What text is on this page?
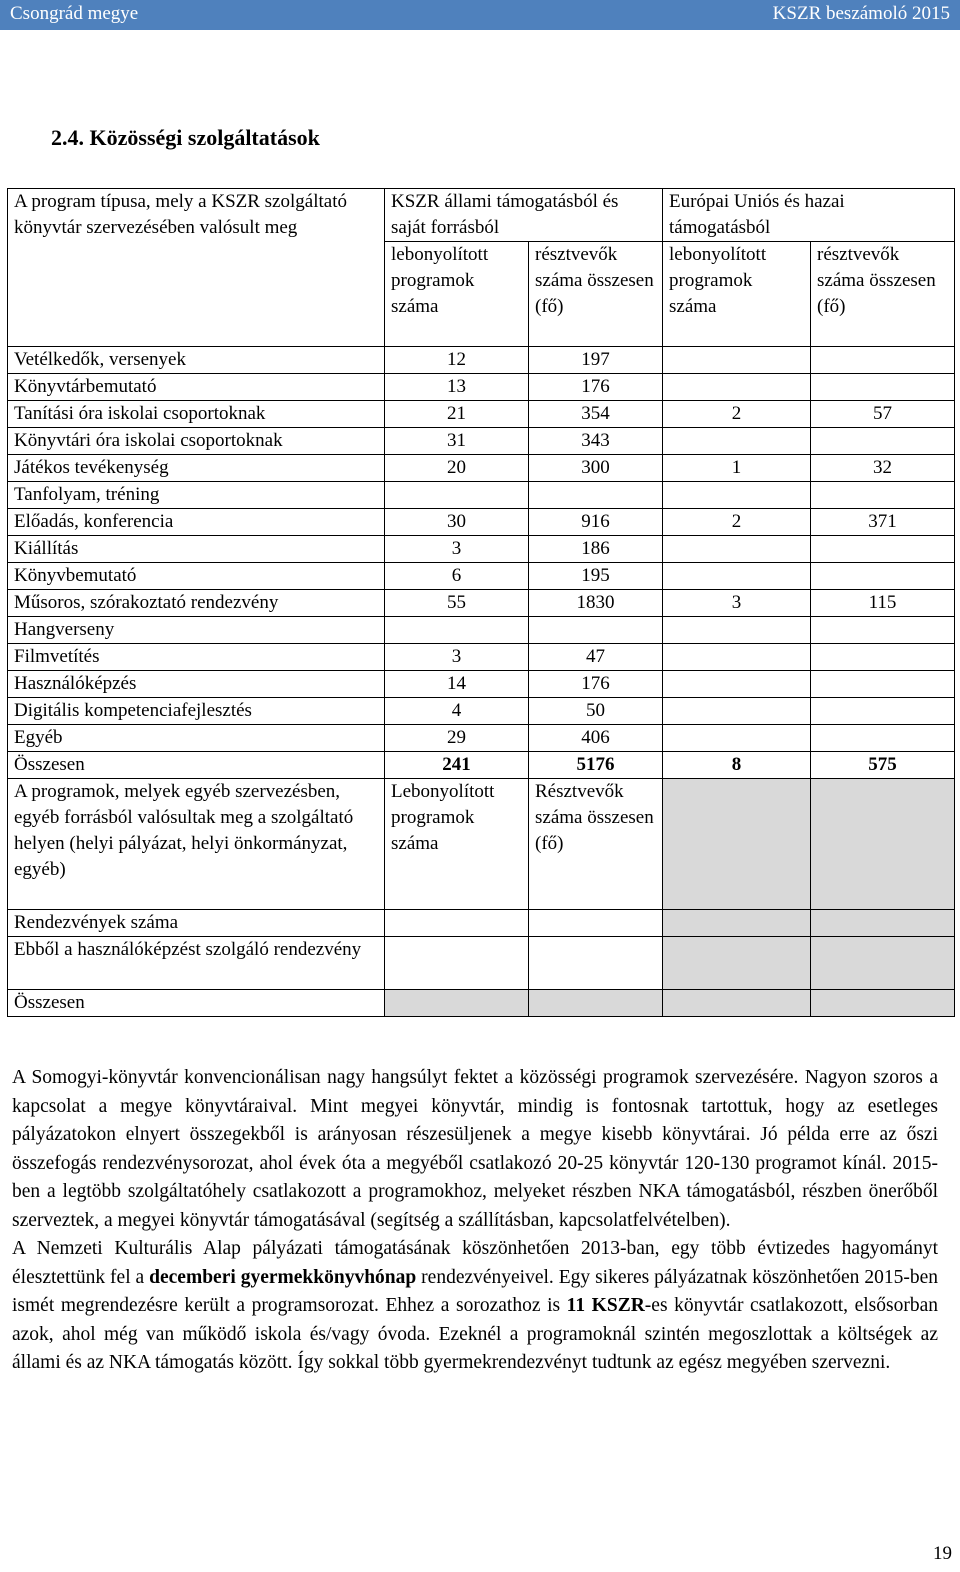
Csongrád megye	KSZR beszámoló 2015
2.4. Közösségi szolgáltatások
A program típusa, mely a KSZR szolgáltató könyvtár szervezésében valósult meg	KSZR állami támogatásból és saját forrásból		Európai Uniós és hazai támogatásból	
	lebonyolított programok száma	résztvevők száma összesen (fő)	lebonyolított programok száma	résztvevők száma összesen (fő)
Vetélkedők, versenyek	12	197		
Könyvtárbemutató	13	176		
Tanítási óra iskolai csoportoknak	21	354	2	57
Könyvtári óra iskolai csoportoknak	31	343		
Játékos tevékenység	20	300	1	32
Tanfolyam, tréning				
Előadás, konferencia	30	916	2	371
Kiállítás	3	186		
Könyvbemutató	6	195		
Műsoros, szórakoztató rendezvény	55	1830	3	115
Hangverseny				
Filmvetítés	3	47		
Használóképzés	14	176		
Digitális kompetenciafejlesztés	4	50		
Egyéb	29	406		
Összesen	241	5176	8	575
A programok, melyek egyéb szervezésben, egyéb forrásból valósultak meg a szolgáltató helyen (helyi pályázat, helyi önkormányzat, egyéb)	Lebonyolított programok száma	Résztvevők száma összesen (fő)		
Rendezvények száma				
Ebből a használóképzést szolgáló rendezvény				
Összesen				

A Somogyi-könyvtár konvencionálisan nagy hangsúlyt fektet a közösségi programok szervezésére. Nagyon szoros a kapcsolat a megye könyvtáraival. Mint megyei könyvtár, mindig is fontosnak tartottuk, hogy az esetleges pályázatokon elnyert összegekből is arányosan részesüljenek a megye kisebb könyvtárai. Jó példa erre az őszi összefogás rendezvénysorozat, ahol évek óta a megyéből csatlakozó 20-25 könyvtár 120-130 programot kínál. 2015-ben a legtöbb szolgáltatóhely csatlakozott a programokhoz, melyeket részben NKA támogatásból, részben önerőből szerveztek, a megyei könyvtár támogatásával (segítség a szállításban, kapcsolatfelvételben).

A Nemzeti Kulturális Alap pályázati támogatásának köszönhetően 2013-ban, egy több évtizedes hagyományt élesztettünk fel a decemberi gyermekkönyvhónap rendezvényeivel. Egy sikeres pályázatnak köszönhetően 2015-ben ismét megrendezésre került a programsorozat. Ehhez a sorozathoz is 11 KSZR-es könyvtár csatlakozott, elsősorban azok, ahol még van működő iskola és/vagy óvoda. Ezeknél a programoknál szintén megoszlottak a költségek az állami és az NKA támogatás között. Így sokkal több gyermekrendezvényt tudtunk az egész megyében szervezni.

19
